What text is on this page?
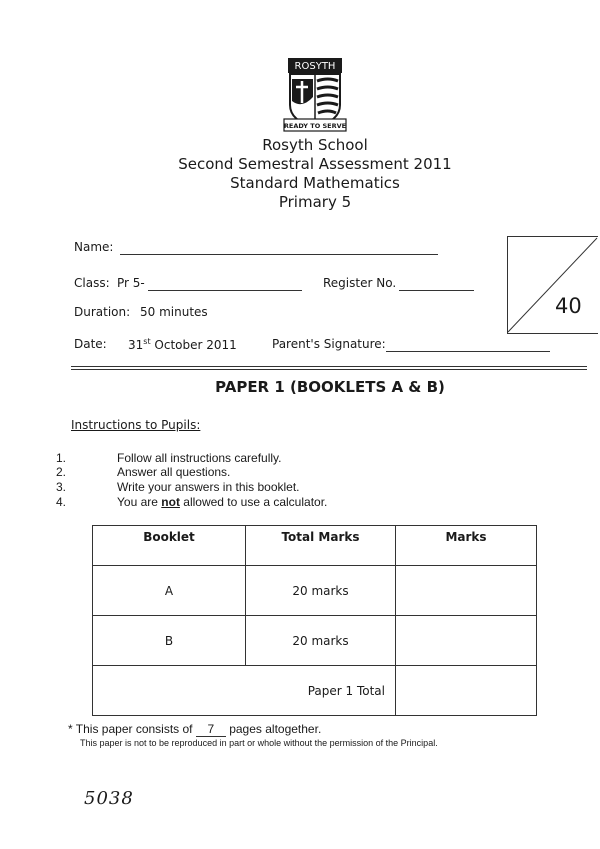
ROSYTH
READY TO SERVE
Rosyth School
Second Semestral Assessment 2011
Standard Mathematics
Primary 5
Name:
Class: Pr 5-	Register No.
Duration: 50 minutes
Date: 31st October 2011	Parent's Signature:
40
PAPER 1 (BOOKLETS A & B)
Instructions to Pupils:
1.	Follow all instructions carefully.
2.	Answer all questions.
3.	Write your answers in this booklet.
4.	You are not allowed to use a calculator.
Booklet	Total Marks	Marks
A	20 marks	
B	20 marks	
Paper 1 Total		
* This paper consists of 7 pages altogether.
This paper is not to be reproduced in part or whole without the permission of the Principal.
5038
